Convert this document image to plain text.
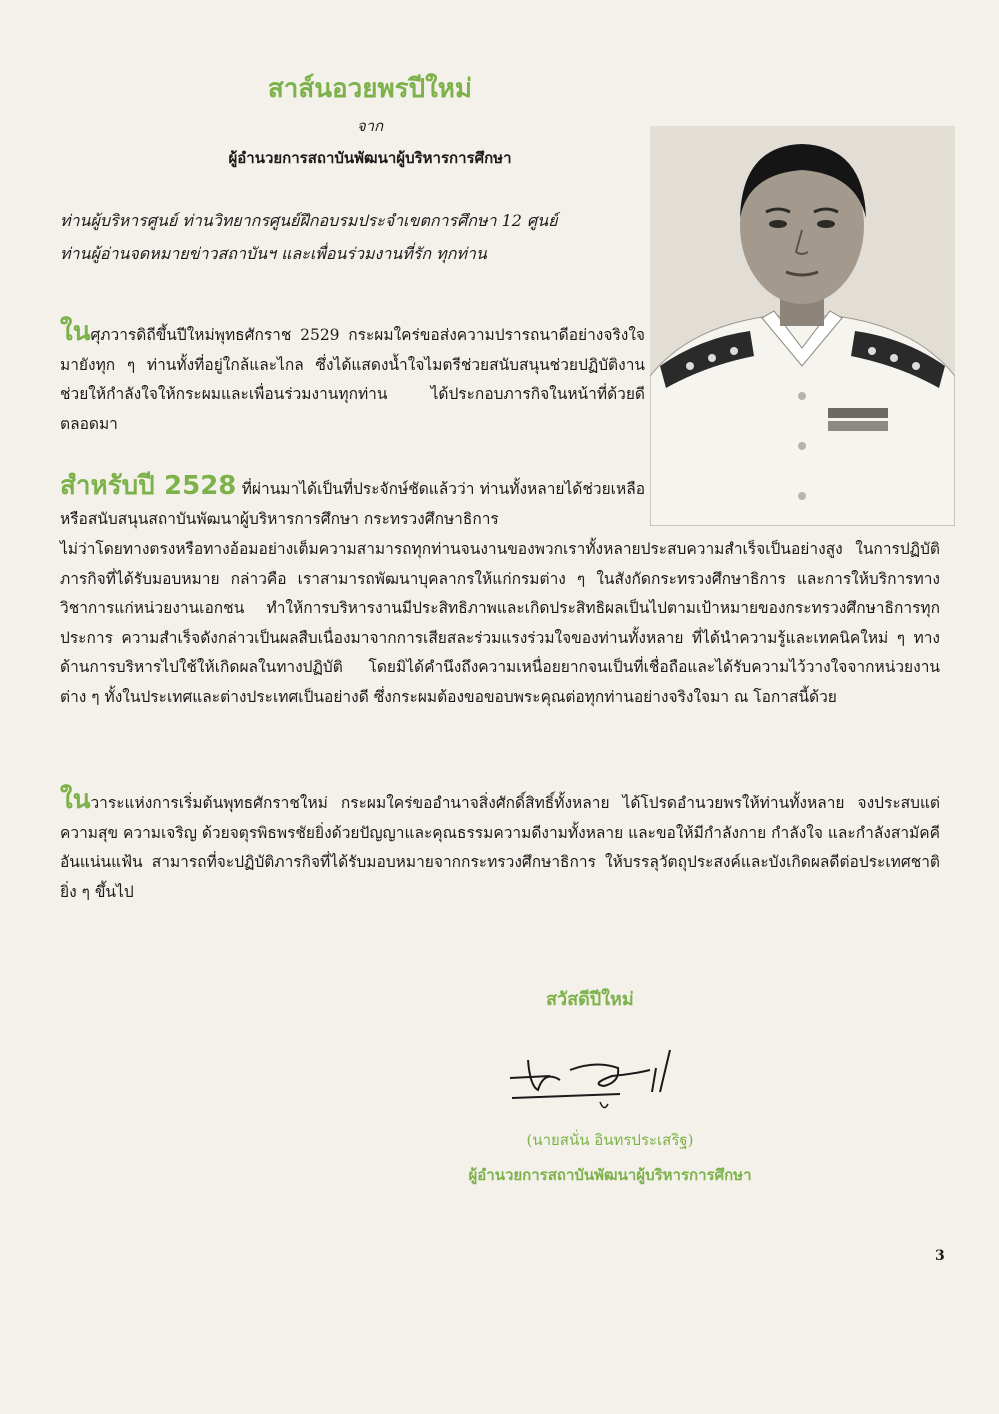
สาส์นอวยพรปีใหม่
จาก
ผู้อำนวยการสถาบันพัฒนาผู้บริหารการศึกษา
ท่านผู้บริหารศูนย์ ท่านวิทยากรศูนย์ฝึกอบรมประจำเขตการศึกษา 12 ศูนย์
ท่านผู้อ่านจดหมายข่าวสถาบันฯ และเพื่อนร่วมงานที่รัก ทุกท่าน
ในศุภวารดิถีขึ้นปีใหม่พุทธศักราช 2529 กระผมใคร่ขอส่งความปรารถนาดีอย่างจริงใจมายังทุก ๆ ท่านทั้งที่อยู่ใกล้และไกล ซึ่งได้แสดงน้ำใจไมตรีช่วยสนับสนุนช่วยปฏิบัติงาน ช่วยให้กำลังใจให้กระผมและเพื่อนร่วมงานทุกท่าน ได้ประกอบภารกิจในหน้าที่ด้วยดีตลอดมา
สำหรับปี 2528 ที่ผ่านมาได้เป็นที่ประจักษ์ชัดแล้วว่า ท่านทั้งหลายได้ช่วยเหลือหรือสนับสนุนสถาบันพัฒนาผู้บริหารการศึกษา กระทรวงศึกษาธิการ
ไม่ว่าโดยทางตรงหรือทางอ้อมอย่างเต็มความสามารถทุกท่านจนงานของพวกเราทั้งหลายประสบความสำเร็จเป็นอย่างสูง ในการปฏิบัติภารกิจที่ได้รับมอบหมาย กล่าวคือ เราสามารถพัฒนาบุคลากรให้แก่กรมต่าง ๆ ในสังกัดกระทรวงศึกษาธิการ และการให้บริการทางวิชาการแก่หน่วยงานเอกชน ทำให้การบริหารงานมีประสิทธิภาพและเกิดประสิทธิผลเป็นไปตามเป้าหมายของกระทรวงศึกษาธิการทุกประการ ความสำเร็จดังกล่าวเป็นผลสืบเนื่องมาจากการเสียสละร่วมแรงร่วมใจของท่านทั้งหลาย ที่ได้นำความรู้และเทคนิคใหม่ ๆ ทางด้านการบริหารไปใช้ให้เกิดผลในทางปฏิบัติ โดยมิได้คำนึงถึงความเหนื่อยยากจนเป็นที่เชื่อถือและได้รับความไว้วางใจจากหน่วยงานต่าง ๆ ทั้งในประเทศและต่างประเทศเป็นอย่างดี ซึ่งกระผมต้องขอขอบพระคุณต่อทุกท่านอย่างจริงใจมา ณ โอกาสนี้ด้วย
ในวาระแห่งการเริ่มต้นพุทธศักราชใหม่ กระผมใคร่ขออำนาจสิ่งศักดิ์สิทธิ์ทั้งหลาย ได้โปรดอำนวยพรให้ท่านทั้งหลาย จงประสบแต่ความสุข ความเจริญ ด้วยจตุรพิธพรชัยยิ่งด้วยปัญญาและคุณธรรมความดีงามทั้งหลาย และขอให้มีกำลังกาย กำลังใจ และกำลังสามัคคีอันแน่นแฟ้น สามารถที่จะปฏิบัติภารกิจที่ได้รับมอบหมายจากกระทรวงศึกษาธิการ ให้บรรลุวัตถุประสงค์และบังเกิดผลดีต่อประเทศชาติยิ่ง ๆ ขึ้นไป
สวัสดีปีใหม่
(นายสนั่น อินทรประเสริฐ)
ผู้อำนวยการสถาบันพัฒนาผู้บริหารการศึกษา
3
